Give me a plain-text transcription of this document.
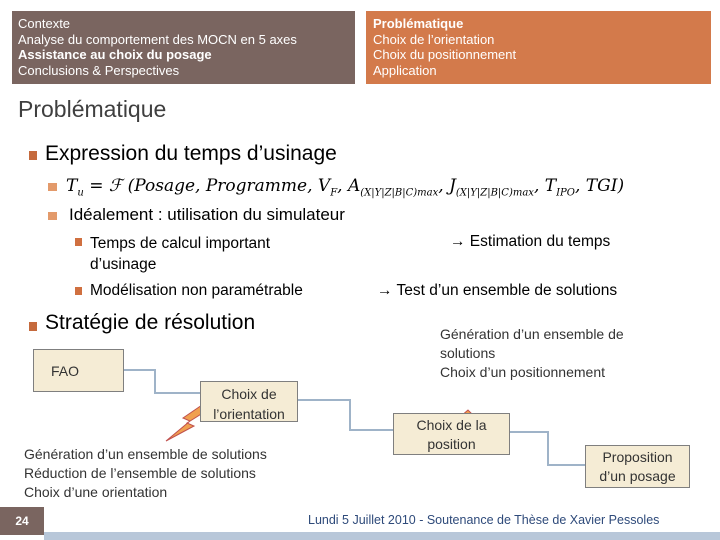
Contexte
Analyse du comportement des MOCN en 5 axes
Assistance au choix du posage
Conclusions & Perspectives
Problématique
Choix de l’orientation
Choix du positionnement
Application
Problématique
Expression du temps d’usinage
$T_u$ = ℱ (Posage, Programme, $V_F$, $A_{(X|Y|Z|B|C)max}$, $J_{(X|Y|Z|B|C)max}$, $T_{IPO}$, TGI)
Idéalement : utilisation du simulateur
Temps de calcul important d’usinage
Modélisation non paramétrable
→ Estimation du temps
→ Test d’un ensemble de solutions
Stratégie de résolution
FAO
Choix de l’orientation
Génération d’un ensemble de solutions
Réduction de l’ensemble de solutions
Choix d’une orientation
Génération d’un ensemble de solutions
Choix d’un positionnement
Choix de la position
Proposition d’un posage
24	Lundi 5 Juillet 2010 - Soutenance de Thèse de Xavier Pessoles
